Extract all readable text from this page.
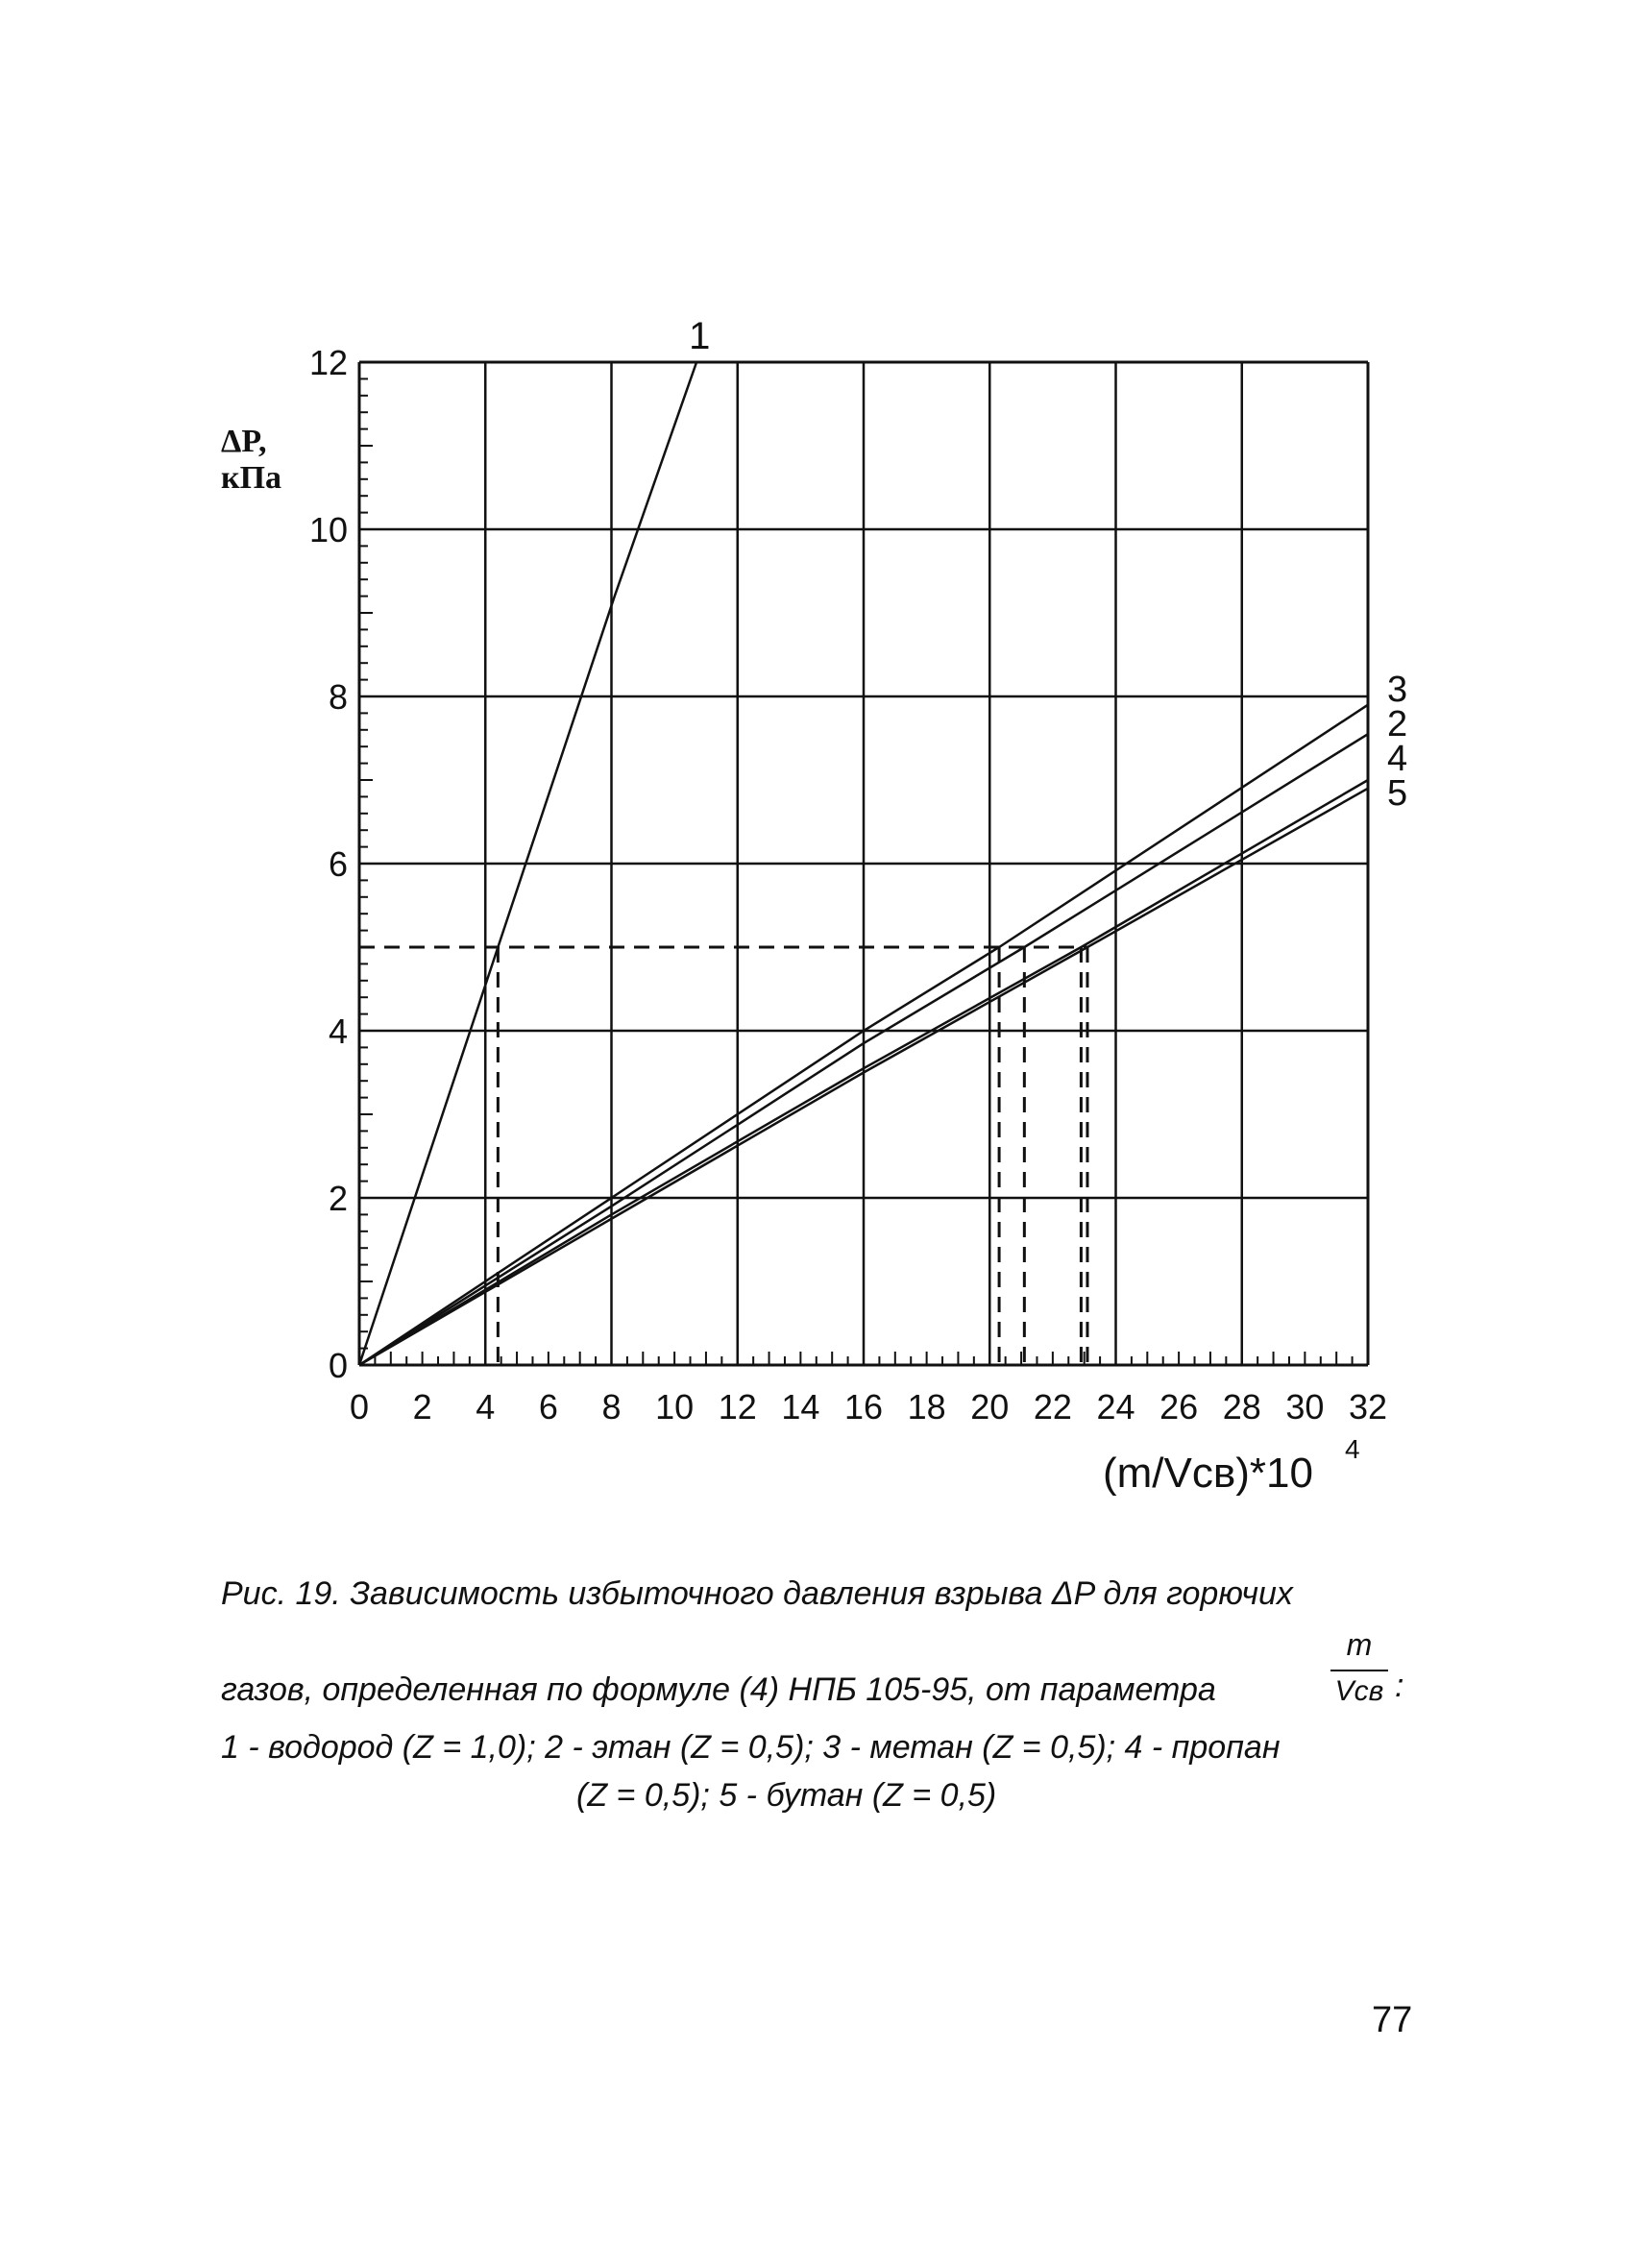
1
3
2
4
5
0 2 4 6 8 10 12 14 16 18 20 22 24 26 28 30 32
0
2
4
6
8
10
12
ΔP,
кПа
(m/Vсв)*10
4
Рис. 19. Зависимость избыточного давления взрыва ΔP для горючих
газов, определенная по формуле (4) НПБ 105-95, от параметра
m
Vсв :
1 - водород (Z = 1,0); 2 - этан (Z = 0,5); 3 - метан (Z = 0,5); 4 - пропан
(Z = 0,5); 5 - бутан (Z = 0,5)
77
